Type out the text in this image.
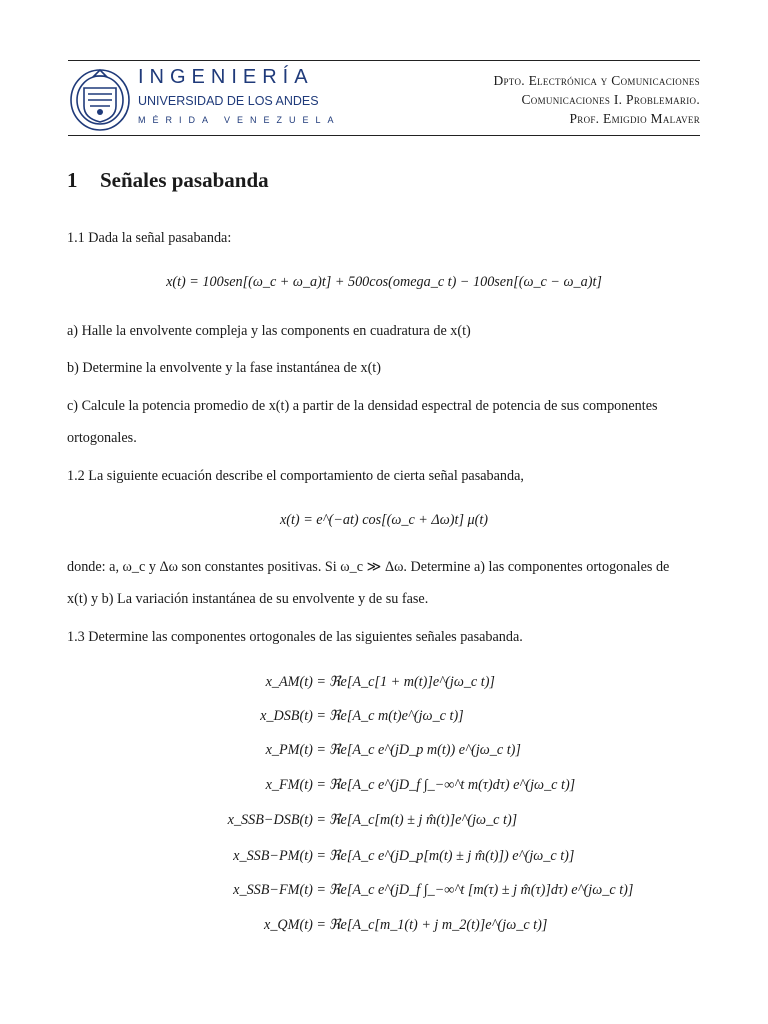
INGENIERÍA
UNIVERSIDAD DE LOS ANDES
MÉRIDA VENEZUELA
Dpto. Electrónica y Comunicaciones
Comunicaciones I. Problemario.
Prof. Emigdio Malaver
1 Señales pasabanda
1.1 Dada la señal pasabanda:
x(t) = 100sen[(ω_c + ω_a)t] + 500cos(omega_c t) − 100sen[(ω_c − ω_a)t]
a) Halle la envolvente compleja y las components en cuadratura de x(t)
b) Determine la envolvente y la fase instantánea de x(t)
c) Calcule la potencia promedio de x(t) a partir de la densidad espectral de potencia de sus componentes
ortogonales.
1.2 La siguiente ecuación describe el comportamiento de cierta señal pasabanda,
x(t) = e^(−at) cos[(ω_c + Δω)t] μ(t)
donde: a, ω_c y Δω son constantes positivas. Si ω_c ≫ Δω. Determine a) las componentes ortogonales de
x(t) y b) La variación instantánea de su envolvente y de su fase.
1.3 Determine las componentes ortogonales de las siguientes señales pasabanda.
x_AM(t) = ℜe[A_c[1 + m(t)]e^(jω_c t)]
x_DSB(t) = ℜe[A_c m(t)e^(jω_c t)]
x_PM(t) = ℜe[A_c e^(jD_p m(t)) e^(jω_c t)]
x_FM(t) = ℜe[A_c e^(jD_f ∫_−∞^t m(τ)dτ) e^(jω_c t)]
x_SSB−DSB(t) = ℜe[A_c[m(t) ± j m̂(t)]e^(jω_c t)]
x_SSB−PM(t) = ℜe[A_c e^(jD_p[m(t) ± j m̂(t)]) e^(jω_c t)]
x_SSB−FM(t) = ℜe[A_c e^(jD_f ∫_−∞^t [m(τ) ± j m̂(τ)]dτ) e^(jω_c t)]
x_QM(t) = ℜe[A_c[m_1(t) + j m_2(t)]e^(jω_c t)]
